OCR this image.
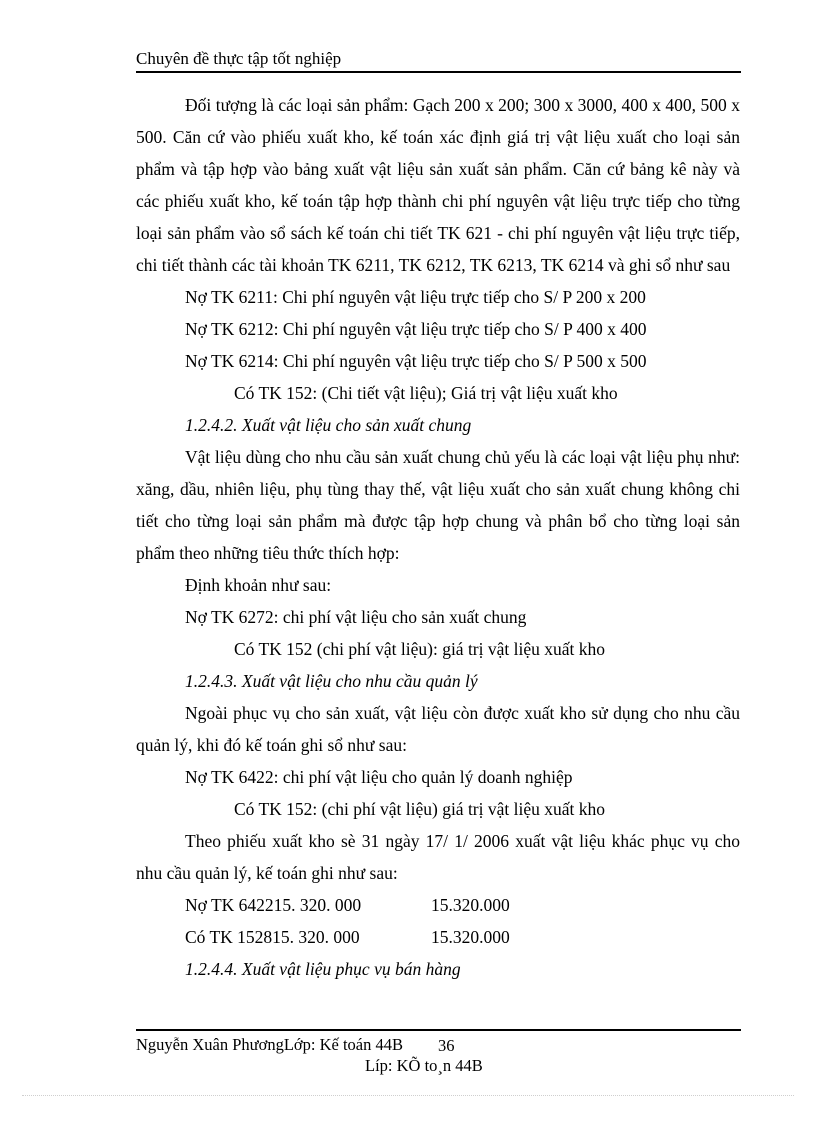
Chuyên đề thực tập tốt nghiệp

Đối tượng là các loại sản phẩm: Gạch 200 x 200; 300 x 3000, 400 x 400, 500 x 500. Căn cứ vào phiếu xuất kho, kế toán xác định giá trị vật liệu xuất cho loại sản phẩm và tập hợp vào bảng xuất vật liệu sản xuất sản phẩm. Căn cứ bảng kê này và các phiếu xuất kho, kế toán tập hợp thành chi phí nguyên vật liệu trực tiếp cho từng loại sản phẩm vào sổ sách kế toán chi tiết TK 621 - chi phí nguyên vật liệu trực tiếp, chi tiết thành các tài khoản TK 6211, TK 6212, TK 6213, TK 6214 và ghi sổ như sau

Nợ TK 6211: Chi phí nguyên vật liệu trực tiếp cho S/ P 200 x 200

Nợ TK 6212: Chi phí nguyên vật liệu trực tiếp cho S/ P 400 x 400

Nợ TK 6214: Chi phí nguyên vật liệu trực tiếp cho S/ P 500 x 500

Có TK 152: (Chi tiết vật liệu); Giá trị vật liệu xuất kho

1.2.4.2. Xuất vật liệu cho sản xuất chung

Vật liệu dùng cho nhu cầu sản xuất chung chủ yếu là các loại vật liệu phụ như: xăng, dầu, nhiên liệu, phụ tùng thay thế, vật liệu xuất cho sản xuất chung không chi tiết cho từng loại sản phẩm mà được tập hợp chung và phân bổ cho từng loại sản phẩm theo những tiêu thức thích hợp:

Định khoản như sau:

Nợ TK 6272: chi phí vật liệu cho sản xuất chung

Có TK 152 (chi phí vật liệu): giá trị vật liệu xuất kho

1.2.4.3. Xuất vật liệu cho nhu cầu quản lý

Ngoài phục vụ cho sản xuất, vật liệu còn được xuất kho sử dụng cho nhu cầu quản lý, khi đó kế toán ghi sổ như sau:

Nợ TK 6422: chi phí vật liệu cho quản lý doanh nghiệp

Có TK 152: (chi phí vật liệu) giá trị vật liệu xuất kho

Theo phiếu xuất kho sè 31 ngày 17/ 1/ 2006 xuất vật liệu khác phục vụ cho nhu cầu quản lý, kế toán ghi như sau:

Nợ TK 642215. 320. 000	15.320.000
Có TK 152815. 320. 000	15.320.000

1.2.4.4. Xuất vật liệu phục vụ bán hàng

Nguyễn Xuân PhươngLớp: Kế toán 44B 36
Líp: KÕ to¸n 44B
